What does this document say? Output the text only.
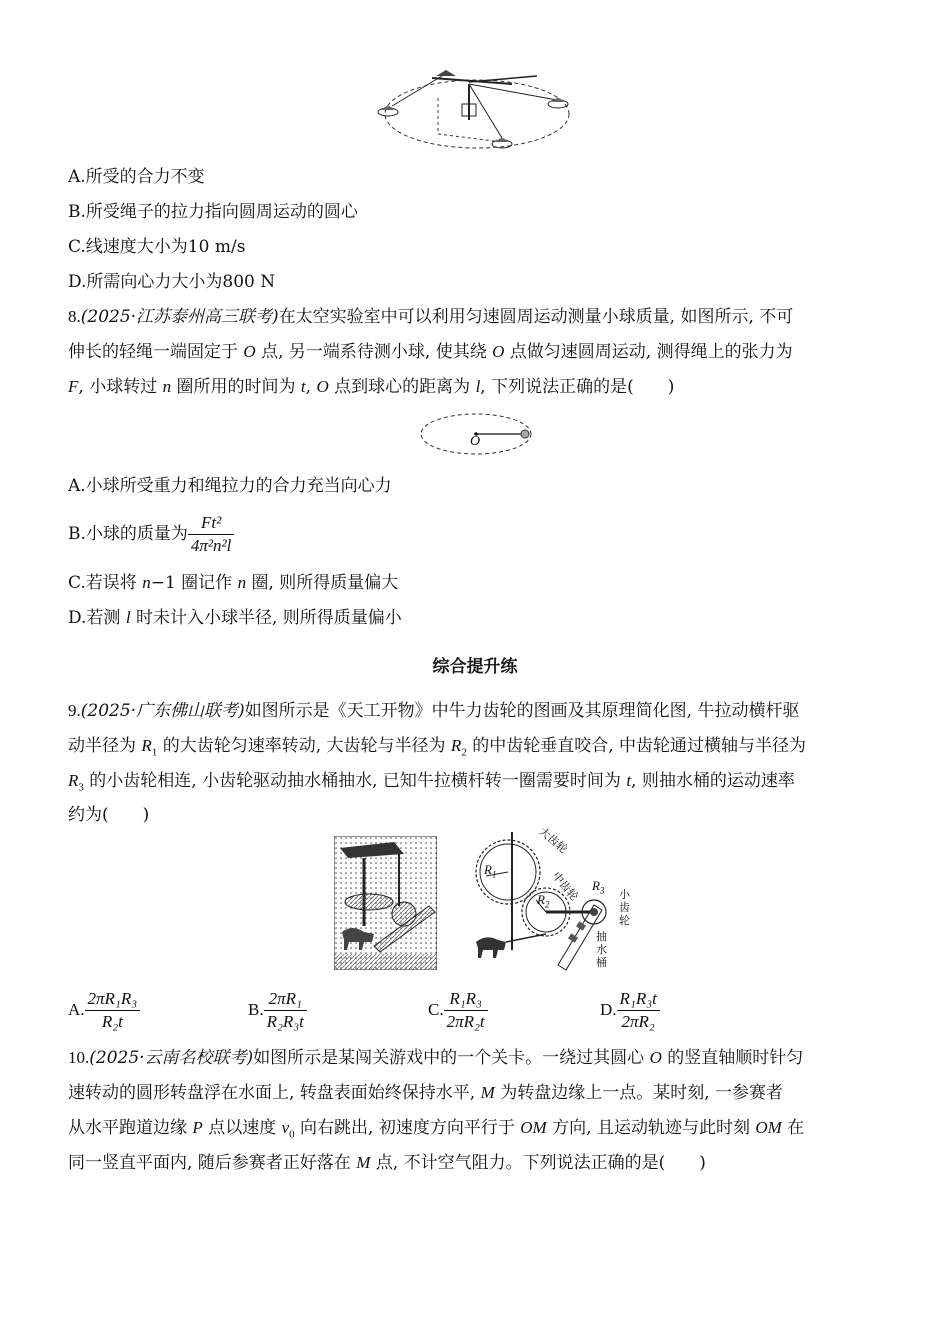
A.所受的合力不变
B.所受绳子的拉力指向圆周运动的圆心
C.线速度大小为10 m/s
D.所需向心力大小为800 N
8.(2025·江苏泰州高三联考)在太空实验室中可以利用匀速圆周运动测量小球质量, 如图所示, 不可
伸长的轻绳一端固定于 O 点, 另一端系待测小球, 使其绕 O 点做匀速圆周运动, 测得绳上的张力为
F, 小球转过 n 圈所用的时间为 t, O 点到球心的距离为 l, 下列说法正确的是(　　)
O
A.小球所受重力和绳拉力的合力充当向心力
B.小球的质量为 $\frac{\text{Ft²}}{\text{4π²n²l}}$
C.若误将 n−1 圈记作 n 圈, 则所得质量偏大
D.若测 l 时未计入小球半径, 则所得质量偏小
综合提升练
9.(2025·广东佛山联考)如图所示是《天工开物》中牛力齿轮的图画及其原理简化图, 牛拉动横杆驱
动半径为 $R_1$ 的大齿轮匀速率转动, 大齿轮与半径为 $R_2$ 的中齿轮垂直咬合, 中齿轮通过横轴与半径为
$R_3$ 的小齿轮相连, 小齿轮驱动抽水桶抽水, 已知牛拉横杆转一圈需要时间为 t, 则抽水桶的运动速率
约为(　　)
大齿轮
中齿轮	小齿轮
抽水桶
$R_1$
$R_2$
$R_3$
A. $\frac{\text{2πR₁R₃}}{\text{R₂t}}$	B. $\frac{\text{2πR₁}}{\text{R₂R₃t}}$	C. $\frac{\text{R₁R₃}}{\text{2πR₂t}}$	D. $\frac{\text{R₁R₃t}}{\text{2πR₂}}$
10.(2025·云南名校联考)如图所示是某闯关游戏中的一个关卡。一绕过其圆心 O 的竖直轴顺时针匀
速转动的圆形转盘浮在水面上, 转盘表面始终保持水平, M 为转盘边缘上一点。某时刻, 一参赛者
从水平跑道边缘 P 点以速度 $v_0$ 向右跳出, 初速度方向平行于 OM 方向, 且运动轨迹与此时刻 OM 在
同一竖直平面内, 随后参赛者正好落在 M 点, 不计空气阻力。下列说法正确的是(　　)
